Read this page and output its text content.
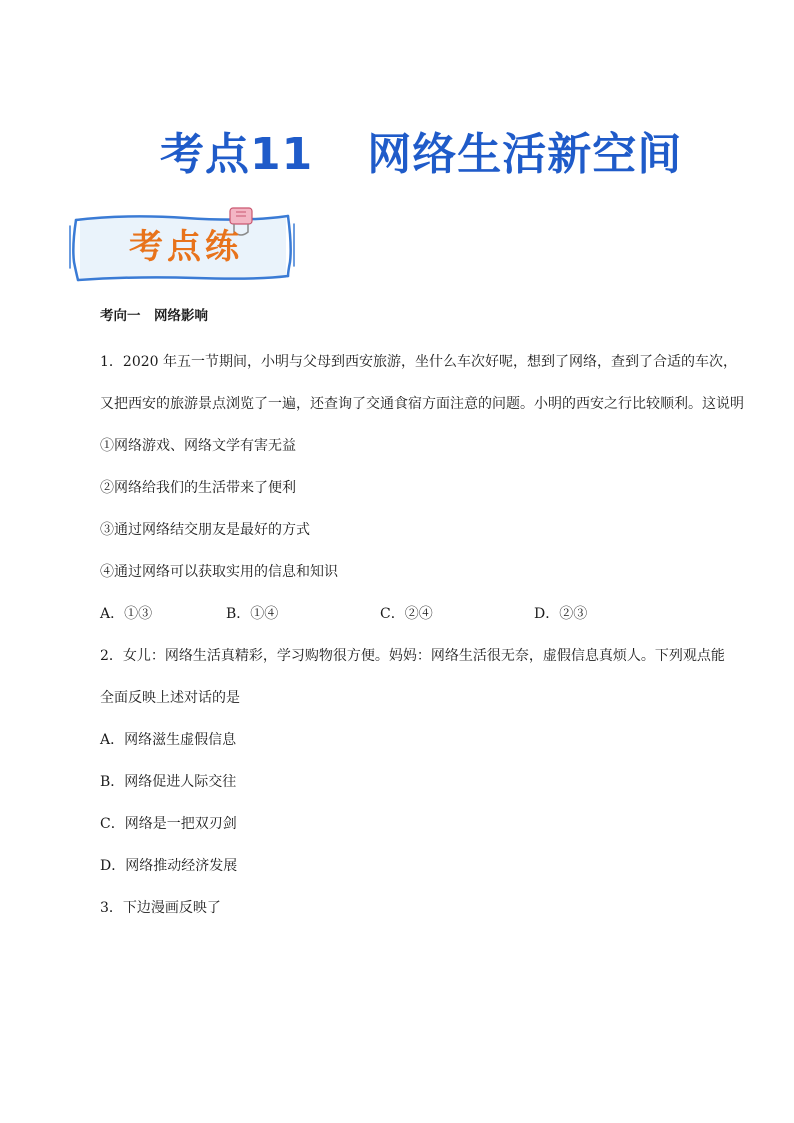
考点11 网络生活新空间
考点练
考向一　网络影响
1．2020 年五一节期间，小明与父母到西安旅游，坐什么车次好呢，想到了网络，查到了合适的车次，
又把西安的旅游景点浏览了一遍，还查询了交通食宿方面注意的问题。小明的西安之行比较顺利。这说明
①网络游戏、网络文学有害无益
②网络给我们的生活带来了便利
③通过网络结交朋友是最好的方式
④通过网络可以获取实用的信息和知识
A．①③	B．①④	C．②④	D．②③
2．女儿：网络生活真精彩，学习购物很方便。妈妈：网络生活很无奈，虚假信息真烦人。下列观点能
全面反映上述对话的是
A．网络滋生虚假信息
B．网络促进人际交往
C．网络是一把双刃剑
D．网络推动经济发展
3．下边漫画反映了
